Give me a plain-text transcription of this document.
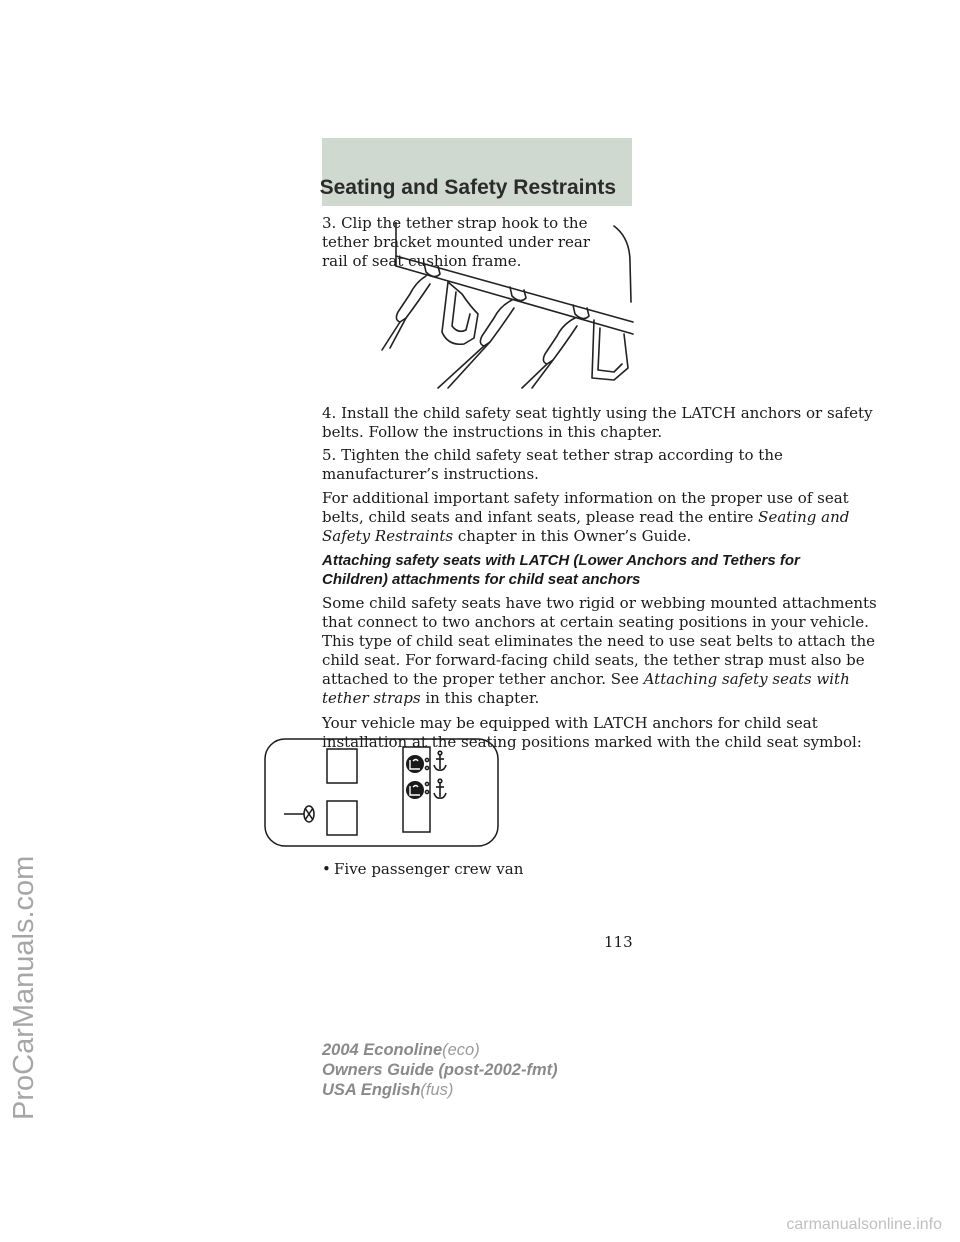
Seating and Safety Restraints
3. Clip the tether strap hook to the
tether bracket mounted under rear
rail of seat cushion frame.
4. Install the child safety seat tightly using the LATCH anchors or safety
belts. Follow the instructions in this chapter.
5. Tighten the child safety seat tether strap according to the
manufacturer’s instructions.
For additional important safety information on the proper use of seat
belts, child seats and infant seats, please read the entire Seating and
Safety Restraints chapter in this Owner’s Guide.
Attaching safety seats with LATCH (Lower Anchors and Tethers for
Children) attachments for child seat anchors
Some child safety seats have two rigid or webbing mounted attachments
that connect to two anchors at certain seating positions in your vehicle.
This type of child seat eliminates the need to use seat belts to attach the
child seat. For forward-facing child seats, the tether strap must also be
attached to the proper tether anchor. See Attaching safety seats with
tether straps in this chapter.
Your vehicle may be equipped with LATCH anchors for child seat
installation at the seating positions marked with the child seat symbol:
• Five passenger crew van
113
2004 Econoline(eco)
Owners Guide (post-2002-fmt)
USA English(fus)
ProCarManuals.com
carmanualsonline.info
